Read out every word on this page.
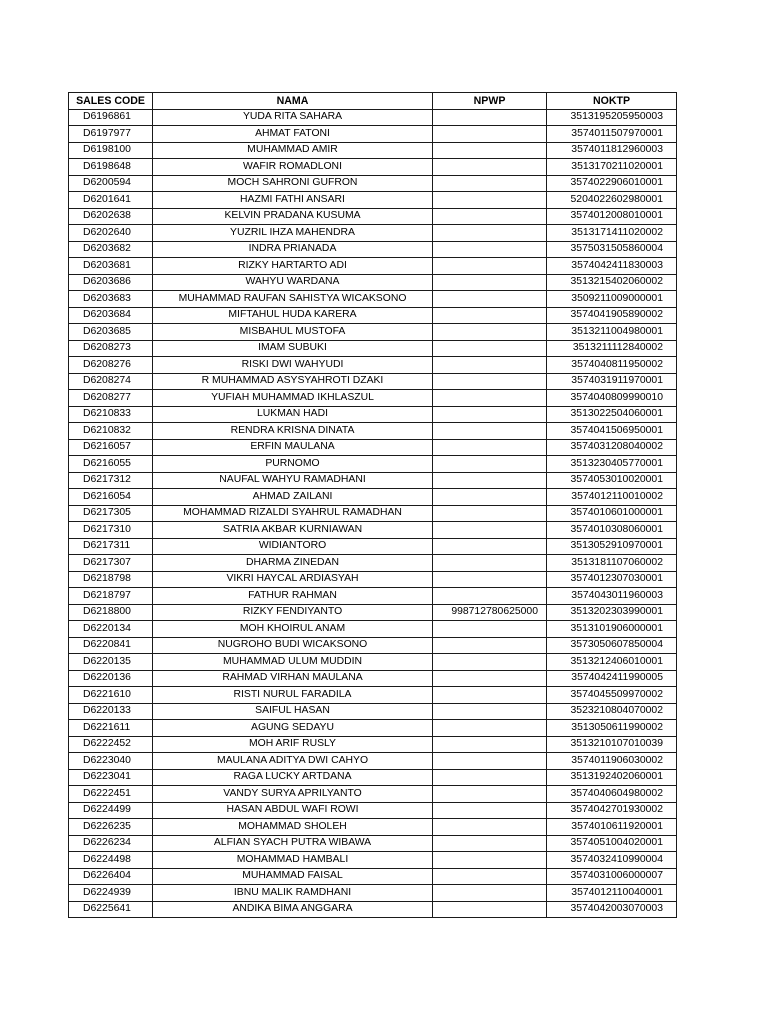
SALES CODE	NAMA	NPWP	NOKTP
D6196861	YUDA RITA SAHARA		3513195205950003
D6197977	AHMAT FATONI		3574011507970001
D6198100	MUHAMMAD AMIR		3574011812960003
D6198648	WAFIR ROMADLONI		3513170211020001
D6200594	MOCH SAHRONI GUFRON		3574022906010001
D6201641	HAZMI FATHI ANSARI		5204022602980001
D6202638	KELVIN PRADANA KUSUMA		3574012008010001
D6202640	YUZRIL IHZA MAHENDRA		3513171411020002
D6203682	INDRA PRIANADA		3575031505860004
D6203681	RIZKY HARTARTO ADI		3574042411830003
D6203686	WAHYU WARDANA		3513215402060002
D6203683	MUHAMMAD RAUFAN SAHISTYA WICAKSONO		3509211009000001
D6203684	MIFTAHUL HUDA KARERA		3574041905890002
D6203685	MISBAHUL MUSTOFA		3513211004980001
D6208273	IMAM SUBUKI		3513211112840002
D6208276	RISKI DWI WAHYUDI		3574040811950002
D6208274	R MUHAMMAD ASYSYAHROTI DZAKI		3574031911970001
D6208277	YUFIAH MUHAMMAD IKHLASZUL		3574040809990010
D6210833	LUKMAN HADI		3513022504060001
D6210832	RENDRA KRISNA DINATA		3574041506950001
D6216057	ERFIN MAULANA		3574031208040002
D6216055	PURNOMO		3513230405770001
D6217312	NAUFAL WAHYU RAMADHANI		3574053010020001
D6216054	AHMAD ZAILANI		3574012110010002
D6217305	MOHAMMAD RIZALDI SYAHRUL RAMADHAN		3574010601000001
D6217310	SATRIA AKBAR KURNIAWAN		3574010308060001
D6217311	WIDIANTORO		3513052910970001
D6217307	DHARMA ZINEDAN		3513181107060002
D6218798	VIKRI HAYCAL ARDIASYAH		3574012307030001
D6218797	FATHUR RAHMAN		3574043011960003
D6218800	RIZKY FENDIYANTO	998712780625000	3513202303990001
D6220134	MOH KHOIRUL ANAM		3513101906000001
D6220841	NUGROHO BUDI WICAKSONO		3573050607850004
D6220135	MUHAMMAD ULUM MUDDIN		3513212406010001
D6220136	RAHMAD VIRHAN MAULANA		3574042411990005
D6221610	RISTI NURUL FARADILA		3574045509970002
D6220133	SAIFUL HASAN		3523210804070002
D6221611	AGUNG SEDAYU		3513050611990002
D6222452	MOH ARIF RUSLY		3513210107010039
D6223040	MAULANA ADITYA DWI CAHYO		3574011906030002
D6223041	RAGA LUCKY ARTDANA		3513192402060001
D6222451	VANDY SURYA APRILYANTO		3574040604980002
D6224499	HASAN ABDUL WAFI ROWI		3574042701930002
D6226235	MOHAMMAD SHOLEH		3574010611920001
D6226234	ALFIAN SYACH PUTRA WIBAWA		3574051004020001
D6224498	MOHAMMAD HAMBALI		3574032410990004
D6226404	MUHAMMAD FAISAL		3574031006000007
D6224939	IBNU MALIK RAMDHANI		3574012110040001
D6225641	ANDIKA BIMA ANGGARA		3574042003070003
